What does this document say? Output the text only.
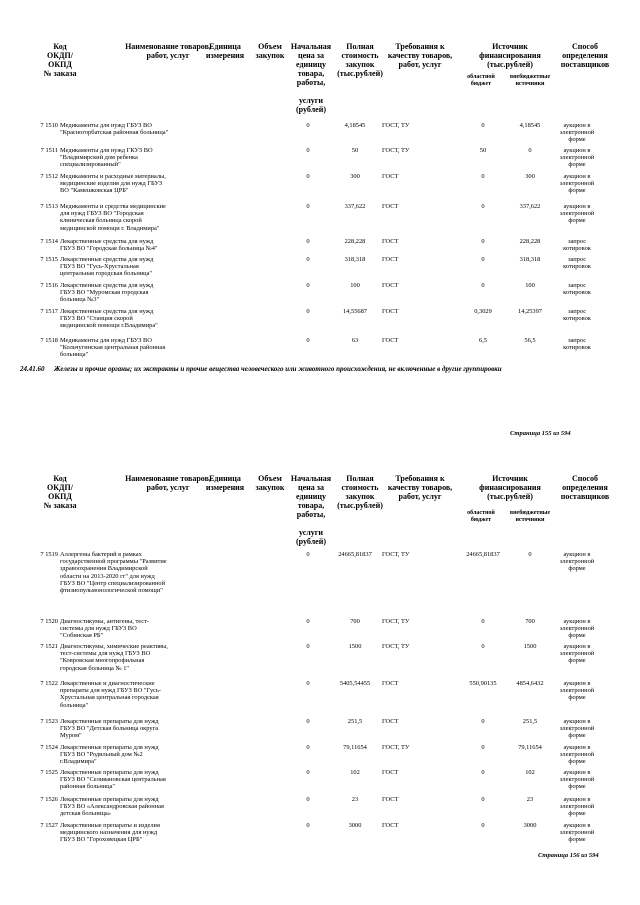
Код
ОКДП/
ОКПД
№ заказа
Наименование товаров,
работ, услуг
Единица
измерения
Объем
закупок
Начальная
цена за
единицу
товара,
работы,
услуги
(рублей)
Полная
стоимость
закупок
(тыс.рублей)
Требования к
качеству товаров,
работ, услуг
Источник
финансирования
(тыс.рублей)
областной
бюджет
внебюджетные
источники
Способ
определения
поставщиков
7 1510 Медикаменты для нужд ГБУЗ ВО
"Красногорбатская районная больница"
0	4,18545	ГОСТ, ТУ	0	4,18545	аукцион в
электронной
форме
7 1511 Медикаменты для нужд ГКУЗ ВО
"Владимирский дом ребенка
специализированный"
0	50	ГОСТ, ТУ	50	0	аукцион в
электронной
форме
7 1512 Медикаменты и расходные материалы,
медицинские изделия для нужд ГБУЗ
ВО "Камешковская ЦРБ"
0	300	ГОСТ	0	300	аукцион в
электронной
форме
7 1513 Медикаменты и средства медицинские
для нужд ГБУЗ ВО "Городская
клиническая больница скорой
медицинской помощи г. Владимира"
0	337,622	ГОСТ	0	337,622	аукцион в
электронной
форме
7 1514 Лекарственные средства для нужд
ГБУЗ ВО "Городская больница №4"
0	228,228	ГОСТ	0	228,228	запрос
котировок
7 1515 Лекарственные средства для нужд
ГБУЗ ВО "Гусь-Хрустальная
центральная городская больница"
0	318,318	ГОСТ	0	318,318	запрос
котировок
7 1516 Лекарственные средства для нужд
ГБУЗ ВО "Муромская городская
больница №3"
0	100	ГОСТ	0	100	запрос
котировок
7 1517 Лекарственные средства для нужд
ГБУЗ ВО "Станция скорой
медицинской помощи г.Владимира"
0	14,55687	ГОСТ	0,3029	14,25397	запрос
котировок
7 1518 Медикаменты для нужд ГБУЗ ВО
"Кольчугинская центральная районная
больница"
0	63	ГОСТ	6,5	56,5	запрос
котировок
24.41.60 Железы и прочие органы; их экстракты и прочие вещества человеческого или животного происхождения, не включенные в другие группировки
Страница 155 из 594
Код
ОКДП/
ОКПД
№ заказа
Наименование товаров,
работ, услуг
Единица
измерения
Объем
закупок
Начальная
цена за
единицу
товара,
работы,
услуги
(рублей)
Полная
стоимость
закупок
(тыс.рублей)
Требования к
качеству товаров,
работ, услуг
Источник
финансирования
(тыс.рублей)
областной
бюджет
внебюджетные
источники
Способ
определения
поставщиков
7 1519 Аллергены бактерий в рамках
государственной программы "Развитие
здравоохранения Владимирской
области на 2013-2020 гг" для нужд
ГБУЗ ВО "Центр специализированной
фтизиопульмонологической помощи"
0	24665,81837	ГОСТ, ТУ	24665,81837	0	аукцион в
электронной
форме
7 1520 Диагностикумы, антигены, тест-
системы для нужд ГБУЗ ВО
"Собинская РБ"
0	700	ГОСТ, ТУ	0	700	аукцион в
электронной
форме
7 1521 Диагностикумы, химические реактивы,
тест-системы для нужд ГБУЗ ВО
"Ковровская многопрофильная
городская больница № 1"
0	1500	ГОСТ, ТУ	0	1500	аукцион в
электронной
форме
7 1522 Лекарственные и диагностические
препараты для нужд ГБУЗ ВО "Гусь-
Хрустальная центральная городская
больница"
0	5405,54455	ГОСТ	550,90135	4854,6432	аукцион в
электронной
форме
7 1523 Лекарственные препараты для нужд
ГБУЗ ВО "Детская больница округа
Муром"
0	251,5	ГОСТ	0	251,5	аукцион в
электронной
форме
7 1524 Лекарственные препараты для нужд
ГБУЗ ВО "Родильный дом №2
г.Владимира"
0	79,11654	ГОСТ, ТУ	0	79,11654	аукцион в
электронной
форме
7 1525 Лекарственные препараты для нужд
ГБУЗ ВО "Селивановская центральная
районная больница"
0	102	ГОСТ	0	102	аукцион в
электронной
форме
7 1526 Лекарственные препараты для нужд
ГБУЗ ВО «Александровская районная
детская больница»
0	23	ГОСТ	0	23	аукцион в
электронной
форме
7 1527 Лекарственные препараты и изделия
медицинского назначения для нужд
ГБУЗ ВО "Гороховецкая ЦРБ"
0	3000	ГОСТ	0	3000	аукцион в
электронной
форме
Страница 156 из 594
